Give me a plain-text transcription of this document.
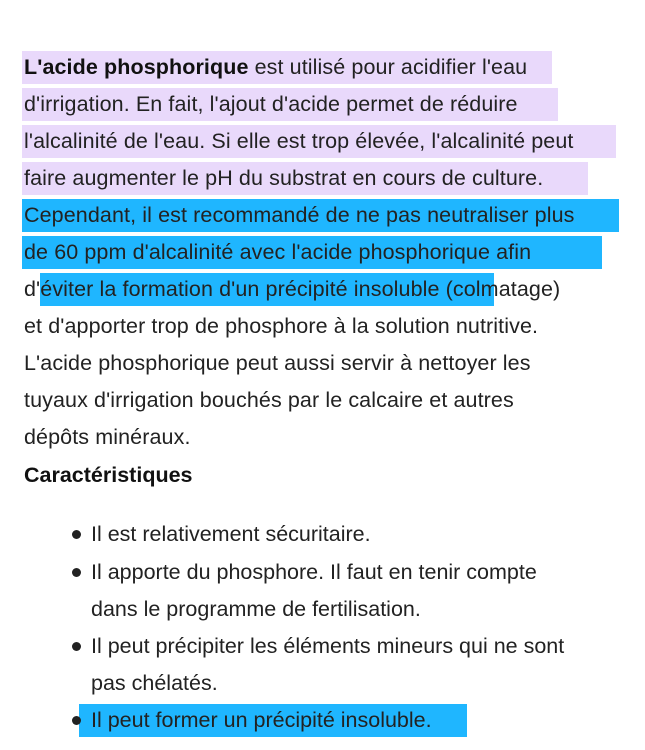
L'acide phosphorique est utilisé pour acidifier l'eau
d'irrigation. En fait, l'ajout d'acide permet de réduire
l'alcalinité de l'eau. Si elle est trop élevée, l'alcalinité peut
faire augmenter le pH du substrat en cours de culture.
Cependant, il est recommandé de ne pas neutraliser plus
de 60 ppm d'alcalinité avec l'acide phosphorique afin
d'éviter la formation d'un précipité insoluble (colmatage)
et d'apporter trop de phosphore à la solution nutritive.
L'acide phosphorique peut aussi servir à nettoyer les
tuyaux d'irrigation bouchés par le calcaire et autres
dépôts minéraux.
Caractéristiques
Il est relativement sécuritaire.
Il apporte du phosphore. Il faut en tenir compte
dans le programme de fertilisation.
Il peut précipiter les éléments mineurs qui ne sont
pas chélatés.
Il peut former un précipité insoluble.
